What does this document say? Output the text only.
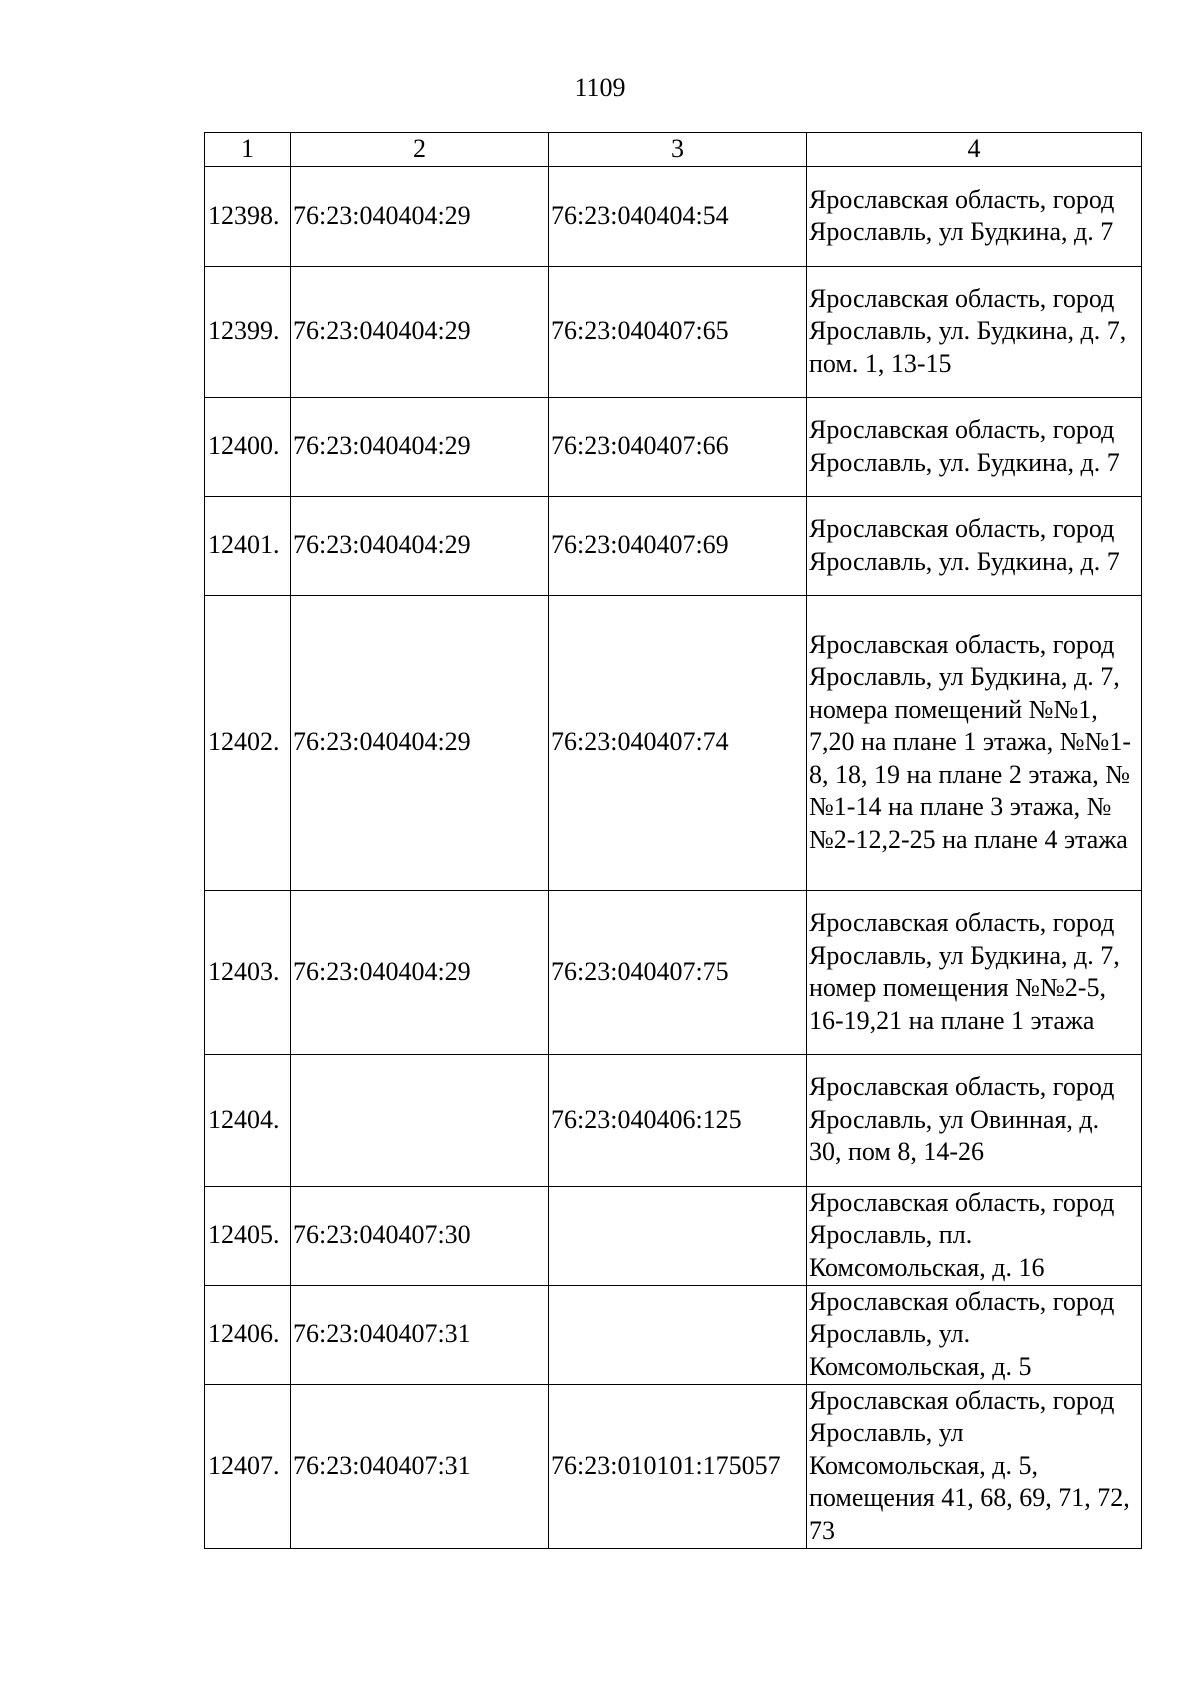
1109
1	2	3	4
12398.	76:23:040404:29	76:23:040404:54	Ярославская область, город Ярославль, ул Будкина, д. 7
12399.	76:23:040404:29	76:23:040407:65	Ярославская область, город Ярославль, ул. Будкина, д. 7, пом. 1, 13-15
12400.	76:23:040404:29	76:23:040407:66	Ярославская область, город Ярославль, ул. Будкина, д. 7
12401.	76:23:040404:29	76:23:040407:69	Ярославская область, город Ярославль, ул. Будкина, д. 7
12402.	76:23:040404:29	76:23:040407:74	Ярославская область, город Ярославль, ул Будкина, д. 7, номера помещений №№1, 7,20 на плане 1 этажа, №№1-8, 18, 19 на плане 2 этажа, №№1-14 на плане 3 этажа, №№2-12,2-25 на плане 4 этажа
12403.	76:23:040404:29	76:23:040407:75	Ярославская область, город Ярославль, ул Будкина, д. 7, номер помещения №№2-5, 16-19,21 на плане 1 этажа
12404.		76:23:040406:125	Ярославская область, город Ярославль, ул Овинная, д. 30, пом 8, 14-26
12405.	76:23:040407:30		Ярославская область, город Ярославль, пл. Комсомольская, д. 16
12406.	76:23:040407:31		Ярославская область, город Ярославль, ул. Комсомольская, д. 5
12407.	76:23:040407:31	76:23:010101:175057	Ярославская область, город Ярославль, ул Комсомольская, д. 5, помещения 41, 68, 69, 71, 72, 73
